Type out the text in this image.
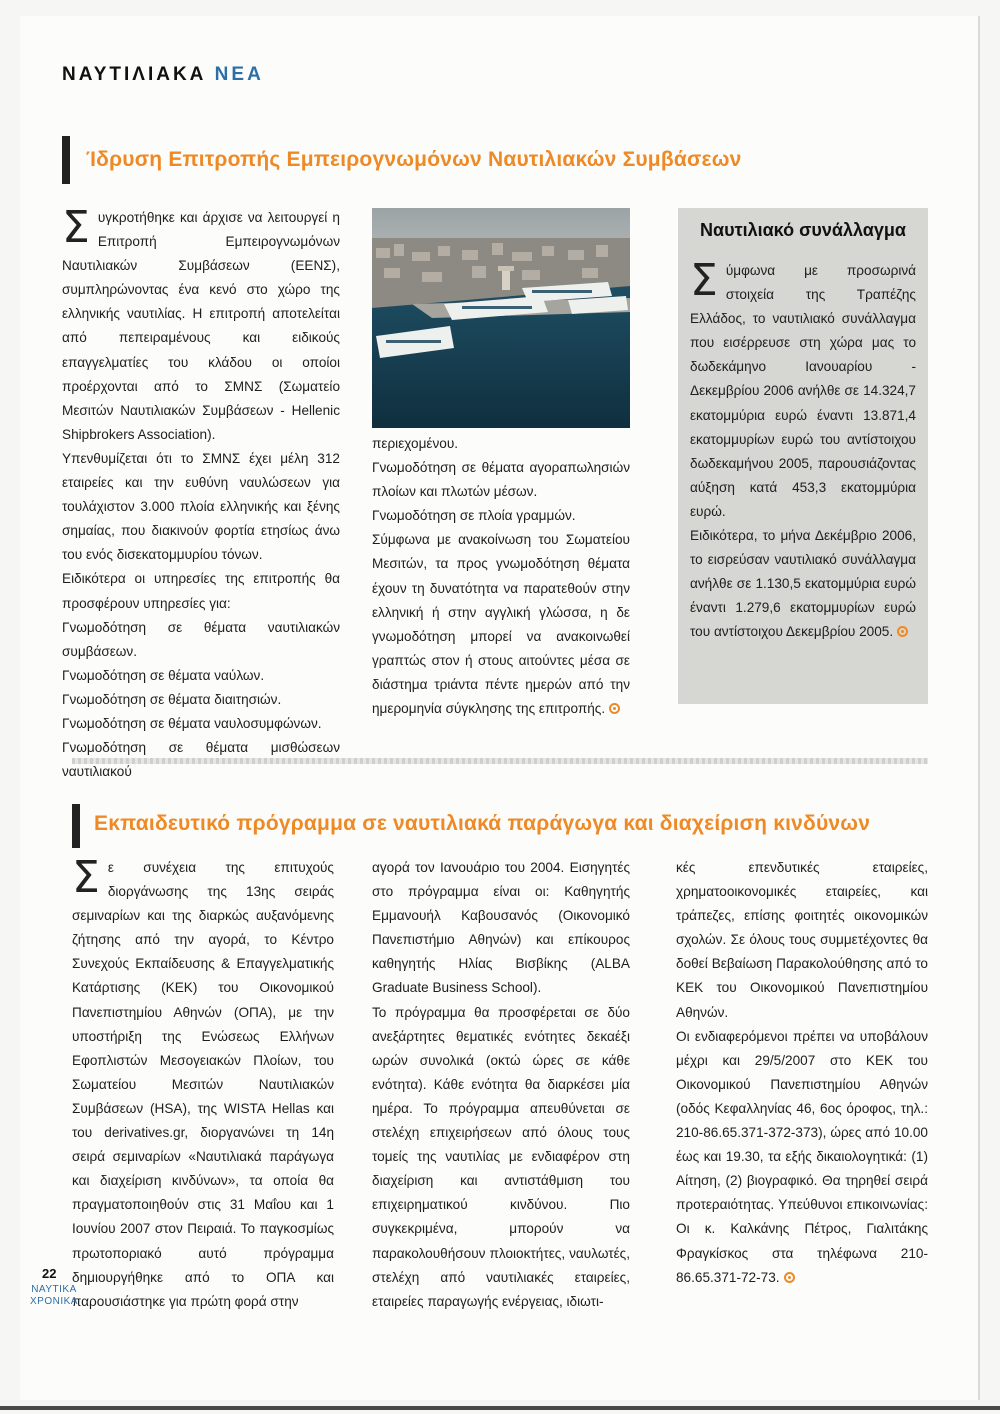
ΝΑΥΤΙΛΙΑΚΑ ΝΕΑ
Ίδρυση Επιτροπής Εμπειρογνωμόνων Ναυτιλιακών Συμβάσεων
Σ υγκροτήθηκε και άρχισε να λειτουργεί η Επιτροπή Εμπειρογνωμόνων Ναυτιλιακών Συμβάσεων (ΕΕΝΣ), συμπληρώνοντας ένα κενό στο χώρο της ελληνικής ναυτιλίας. Η επιτροπή αποτελείται από πεπειραμένους και ειδικούς επαγγελματίες του κλάδου οι οποίοι προέρχονται από το ΣΜΝΣ (Σωματείο Μεσιτών Ναυτιλιακών Συμβάσεων - Hellenic Shipbrokers Association).

Υπενθυμίζεται ότι το ΣΜΝΣ έχει μέλη 312 εταιρείες και την ευθύνη ναυλώσεων για τουλάχιστον 3.000 πλοία ελληνικής και ξένης σημαίας, που διακινούν φορτία ετησίως άνω του ενός δισεκατομμυρίου τόνων.

Ειδικότερα οι υπηρεσίες της επιτροπής θα προσφέρουν υπηρεσίες για:

Γνωμοδότηση σε θέματα ναυτιλιακών συμβάσεων.
Γνωμοδότηση σε θέματα ναύλων.
Γνωμοδότηση σε θέματα διαιτησιών.
Γνωμοδότηση σε θέματα ναυλοσυμφώνων.
Γνωμοδότηση σε θέματα μισθώσεων ναυτιλιακού
περιεχομένου.
Γνωμοδότηση σε θέματα αγοραπωλησιών πλοίων και πλωτών μέσων.
Γνωμοδότηση σε πλοία γραμμών.

Σύμφωνα με ανακοίνωση του Σωματείου Μεσιτών, τα προς γνωμοδότηση θέματα έχουν τη δυνατότητα να παρατεθούν στην ελληνική ή στην αγγλική γλώσσα, η δε γνωμοδότηση μπορεί να ανακοινωθεί γραπτώς στον ή στους αιτούντες μέσα σε διάστημα τριάντα πέντε ημερών από την ημερομηνία σύγκλησης της επιτροπής.

Ναυτιλιακό συνάλλαγμα
Σ ύμφωνα με προσωρινά στοιχεία της Τραπέζης Ελλάδος, το ναυτιλιακό συνάλλαγμα που εισέρρευσε στη χώρα μας το δωδεκάμηνο Ιανουαρίου - Δεκεμβρίου 2006 ανήλθε σε 14.324,7 εκατομμύρια ευρώ έναντι 13.871,4 εκατομμυρίων ευρώ του αντίστοιχου δωδεκαμήνου 2005, παρουσιάζοντας αύξηση κατά 453,3 εκατομμύρια ευρώ.

Ειδικότερα, το μήνα Δεκέμβριο 2006, το εισρεύσαν ναυτιλιακό συνάλλαγμα ανήλθε σε 1.130,5 εκατομμύρια ευρώ έναντι 1.279,6 εκατομμυρίων ευρώ του αντίστοιχου Δεκεμβρίου 2005.

Εκπαιδευτικό πρόγραμμα σε ναυτιλιακά παράγωγα και διαχείριση κινδύνων
Σ ε συνέχεια της επιτυχούς διοργάνωσης της 13ης σειράς σεμιναρίων και της διαρκώς αυξανόμενης ζήτησης από την αγορά, το Κέντρο Συνεχούς Εκπαίδευσης & Επαγγελματικής Κατάρτισης (ΚΕΚ) του Οικονομικού Πανεπιστημίου Αθηνών (ΟΠΑ), με την υποστήριξη της Ενώσεως Ελλήνων Εφοπλιστών Μεσογειακών Πλοίων, του Σωματείου Μεσιτών Ναυτιλιακών Συμβάσεων (HSA), της WISTA Hellas και του derivatives.gr, διοργανώνει τη 14η σειρά σεμιναρίων «Ναυτιλιακά παράγωγα και διαχείριση κινδύνων», τα οποία θα πραγματοποιηθούν στις 31 Μαΐου και 1 Ιουνίου 2007 στον Πειραιά. Το παγκοσμίως πρωτοποριακό αυτό πρόγραμμα δημιουργήθηκε από το ΟΠΑ και παρουσιάστηκε για πρώτη φορά στην

αγορά τον Ιανουάριο του 2004. Εισηγητές στο πρόγραμμα είναι οι: Καθηγητής Εμμανουήλ Καβουσανός (Οικονομικό Πανεπιστήμιο Αθηνών) και επίκουρος καθηγητής Ηλίας Βισβίκης (ALBA Graduate Business School).

Το πρόγραμμα θα προσφέρεται σε δύο ανεξάρτητες θεματικές ενότητες δεκαέξι ωρών συνολικά (οκτώ ώρες σε κάθε ενότητα). Κάθε ενότητα θα διαρκέσει μία ημέρα. Το πρόγραμμα απευθύνεται σε στελέχη επιχειρήσεων από όλους τους τομείς της ναυτιλίας με ενδιαφέρον στη διαχείριση και αντιστάθμιση του επιχειρηματικού κινδύνου. Πιο συγκεκριμένα, μπορούν να παρακολουθήσουν πλοιοκτήτες, ναυλωτές, στελέχη από ναυτιλιακές εταιρείες, εταιρείες παραγωγής ενέργειας, ιδιωτι-

κές επενδυτικές εταιρείες, χρηματοοικονομικές εταιρείες, και τράπεζες, επίσης φοιτητές οικονομικών σχολών. Σε όλους τους συμμετέχοντες θα δοθεί Βεβαίωση Παρακολούθησης από το ΚΕΚ του Οικονομικού Πανεπιστημίου Αθηνών.

Οι ενδιαφερόμενοι πρέπει να υποβάλουν μέχρι και 29/5/2007 στο ΚΕΚ του Οικονομικού Πανεπιστημίου Αθηνών (οδός Κεφαλληνίας 46, 6ος όροφος, τηλ.: 210-86.65.371-372-373), ώρες από 10.00 έως και 19.30, τα εξής δικαιολογητικά: (1) Αίτηση, (2) βιογραφικό. Θα τηρηθεί σειρά προτεραιότητας. Υπεύθυνοι επικοινωνίας: Οι κ. Καλκάνης Πέτρος, Γιαλιτάκης Φραγκίσκος στα τηλέφωνα 210-86.65.371-72-73.

22
ΝΑΥΤΙΚΑ
ΧΡΟΝΙΚΑ
